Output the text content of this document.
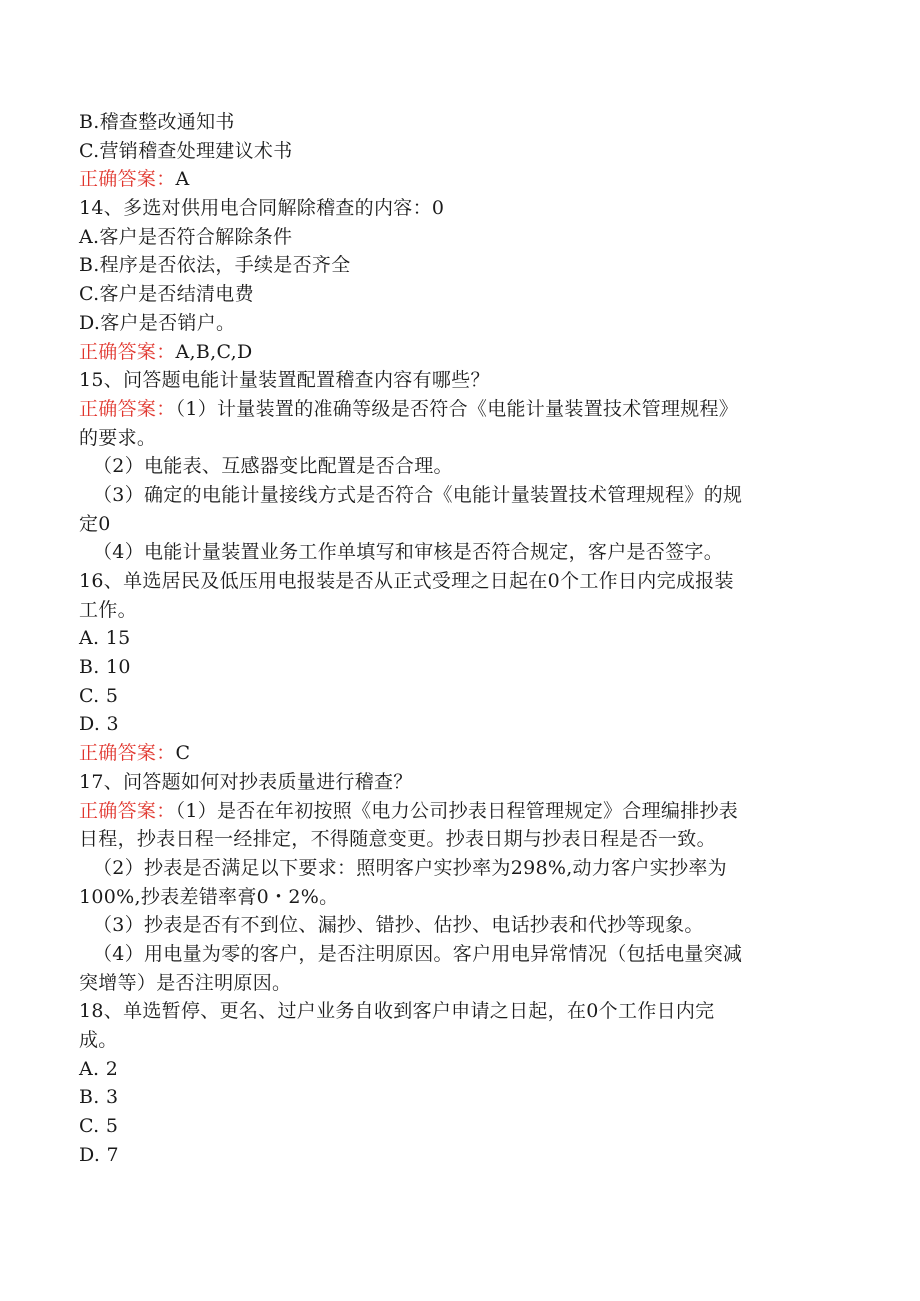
B.稽查整改通知书
C.营销稽查处理建议术书
正确答案：A
14、多选对供用电合同解除稽查的内容：0
A.客户是否符合解除条件
B.程序是否依法，手续是否齐全
C.客户是否结清电费
D.客户是否销户。
正确答案：A,B,C,D
15、问答题电能计量装置配置稽查内容有哪些？
正确答案：（1）计量装置的准确等级是否符合《电能计量装置技术管理规程》
的要求。
（2）电能表、互感器变比配置是否合理。
（3）确定的电能计量接线方式是否符合《电能计量装置技术管理规程》的规
定0
（4）电能计量装置业务工作单填写和审核是否符合规定，客户是否签字。
16、单选居民及低压用电报装是否从正式受理之日起在0个工作日内完成报装
工作。
A. 15
B. 10
C. 5
D. 3
正确答案：C
17、问答题如何对抄表质量进行稽查？
正确答案：（1）是否在年初按照《电力公司抄表日程管理规定》合理编排抄表
日程，抄表日程一经排定，不得随意变更。抄表日期与抄表日程是否一致。
（2）抄表是否满足以下要求：照明客户实抄率为298%,动力客户实抄率为
100%,抄表差错率膏0・2%。
（3）抄表是否有不到位、漏抄、错抄、估抄、电话抄表和代抄等现象。
（4）用电量为零的客户，是否注明原因。客户用电异常情况（包括电量突减
突增等）是否注明原因。
18、单选暂停、更名、过户业务自收到客户申请之日起，在0个工作日内完
成。
A. 2
B. 3
C. 5
D. 7
